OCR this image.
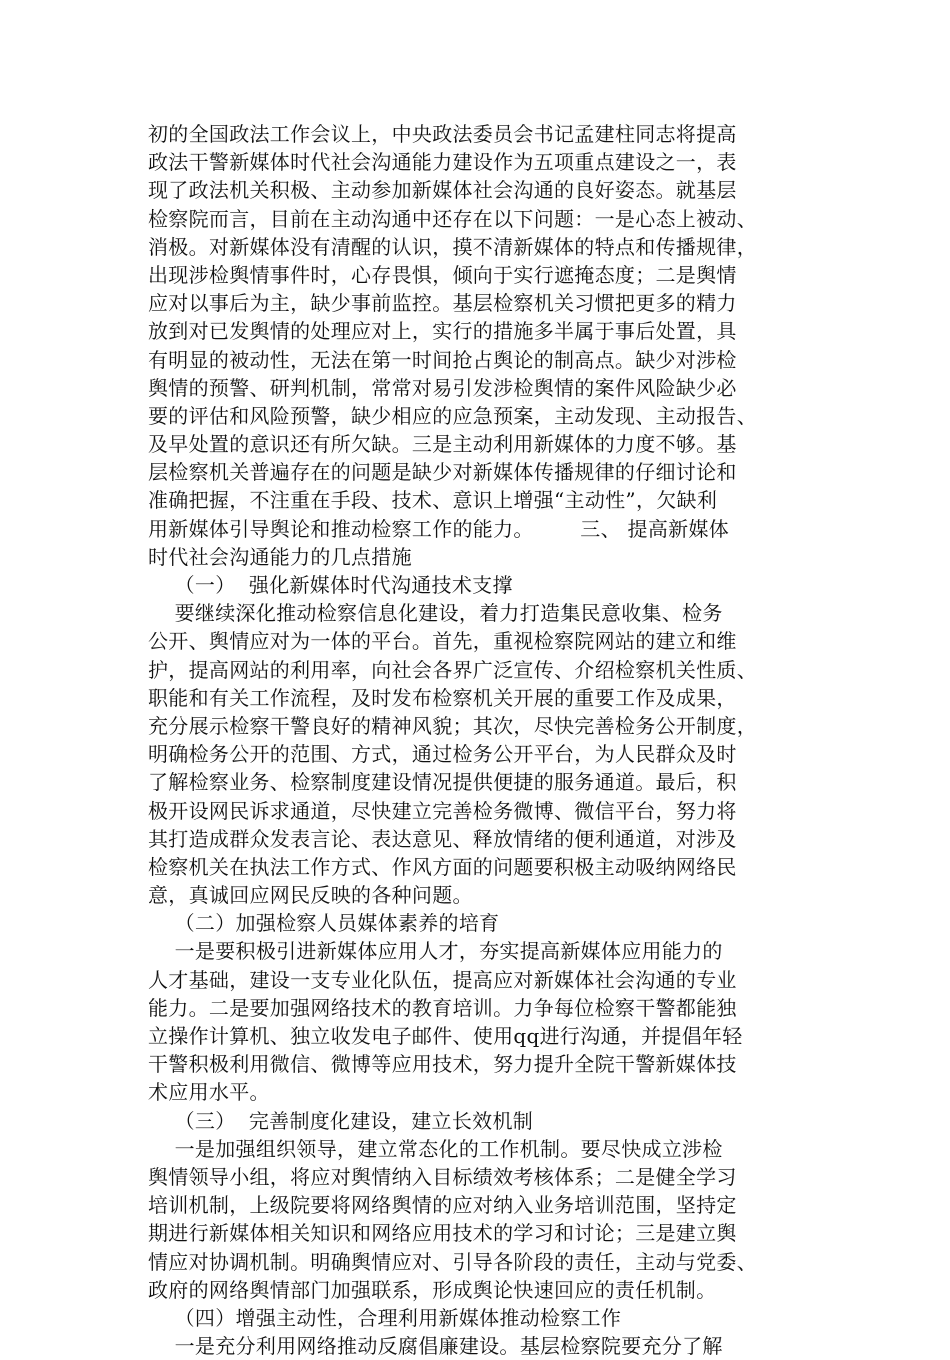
初的全国政法工作会议上，中央政法委员会书记孟建柱同志将提高
政法干警新媒体时代社会沟通能力建设作为五项重点建设之一，表
现了政法机关积极、主动参加新媒体社会沟通的良好姿态。就基层
检察院而言，目前在主动沟通中还存在以下问题：一是心态上被动、
消极。对新媒体没有清醒的认识，摸不清新媒体的特点和传播规律，
出现涉检舆情事件时，心存畏惧，倾向于实行遮掩态度；二是舆情
应对以事后为主，缺少事前监控。基层检察机关习惯把更多的精力
放到对已发舆情的处理应对上，实行的措施多半属于事后处置，具
有明显的被动性，无法在第一时间抢占舆论的制高点。缺少对涉检
舆情的预警、研判机制，常常对易引发涉检舆情的案件风险缺少必
要的评估和风险预警，缺少相应的应急预案，主动发现、主动报告、
及早处置的意识还有所欠缺。三是主动利用新媒体的力度不够。基
层检察机关普遍存在的问题是缺少对新媒体传播规律的仔细讨论和
准确把握，不注重在手段、技术、意识上增强“主动性”，欠缺利
用新媒体引导舆论和推动检察工作的能力。       三、 提高新媒体
时代社会沟通能力的几点措施
（一）  强化新媒体时代沟通技术支撑
要继续深化推动检察信息化建设，着力打造集民意收集、检务
公开、舆情应对为一体的平台。首先，重视检察院网站的建立和维
护，提高网站的利用率，向社会各界广泛宣传、介绍检察机关性质、
职能和有关工作流程，及时发布检察机关开展的重要工作及成果，
充分展示检察干警良好的精神风貌；其次，尽快完善检务公开制度，
明确检务公开的范围、方式，通过检务公开平台，为人民群众及时
了解检察业务、检察制度建设情况提供便捷的服务通道。最后，积
极开设网民诉求通道，尽快建立完善检务微博、微信平台，努力将
其打造成群众发表言论、表达意见、释放情绪的便利通道，对涉及
检察机关在执法工作方式、作风方面的问题要积极主动吸纳网络民
意，真诚回应网民反映的各种问题。
（二）加强检察人员媒体素养的培育
一是要积极引进新媒体应用人才，夯实提高新媒体应用能力的
人才基础，建设一支专业化队伍，提高应对新媒体社会沟通的专业
能力。二是要加强网络技术的教育培训。力争每位检察干警都能独
立操作计算机、独立收发电子邮件、使用qq进行沟通，并提倡年轻
干警积极利用微信、微博等应用技术，努力提升全院干警新媒体技
术应用水平。
（三）  完善制度化建设，建立长效机制
一是加强组织领导，建立常态化的工作机制。要尽快成立涉检
舆情领导小组，将应对舆情纳入目标绩效考核体系；二是健全学习
培训机制，上级院要将网络舆情的应对纳入业务培训范围，坚持定
期进行新媒体相关知识和网络应用技术的学习和讨论；三是建立舆
情应对协调机制。明确舆情应对、引导各阶段的责任，主动与党委、
政府的网络舆情部门加强联系，形成舆论快速回应的责任机制。
（四）增强主动性，合理利用新媒体推动检察工作
一是充分利用网络推动反腐倡廉建设。基层检察院要充分了解
